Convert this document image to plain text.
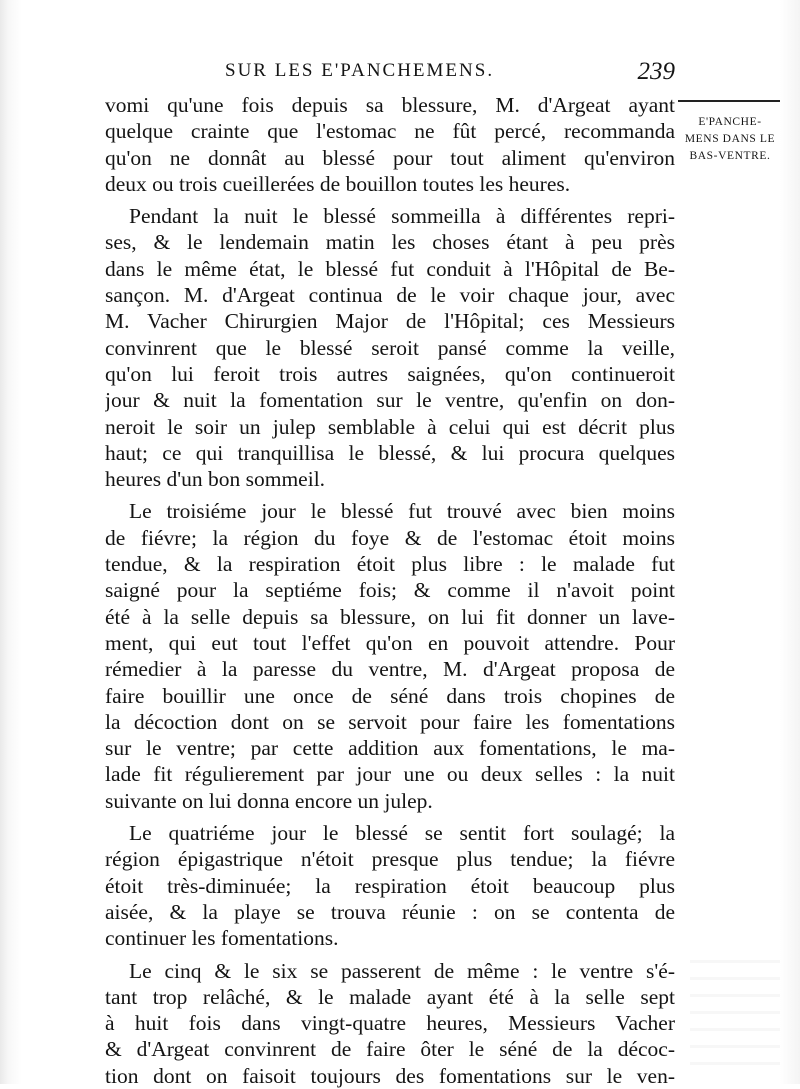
SUR LES E'PANCHEMENS.	239
E'PANCHE-
MENS DANS LE
BAS-VENTRE.
vomi qu'une fois depuis sa blessure, M. d'Argeat ayant
quelque crainte que l'estomac ne fût percé, recommanda
qu'on ne donnât au blessé pour tout aliment qu'environ
deux ou trois cueillerées de bouillon toutes les heures.
Pendant la nuit le blessé sommeilla à différentes repri-
ses, & le lendemain matin les choses étant à peu près
dans le même état, le blessé fut conduit à l'Hôpital de Be-
sançon. M. d'Argeat continua de le voir chaque jour, avec
M. Vacher Chirurgien Major de l'Hôpital; ces Messieurs
convinrent que le blessé seroit pansé comme la veille,
qu'on lui feroit trois autres saignées, qu'on continueroit
jour & nuit la fomentation sur le ventre, qu'enfin on don-
neroit le soir un julep semblable à celui qui est décrit plus
haut; ce qui tranquillisa le blessé, & lui procura quelques
heures d'un bon sommeil.
Le troisiéme jour le blessé fut trouvé avec bien moins
de fiévre; la région du foye & de l'estomac étoit moins
tendue, & la respiration étoit plus libre : le malade fut
saigné pour la septiéme fois; & comme il n'avoit point
été à la selle depuis sa blessure, on lui fit donner un lave-
ment, qui eut tout l'effet qu'on en pouvoit attendre. Pour
rémedier à la paresse du ventre, M. d'Argeat proposa de
faire bouillir une once de séné dans trois chopines de
la décoction dont on se servoit pour faire les fomentations
sur le ventre; par cette addition aux fomentations, le ma-
lade fit régulierement par jour une ou deux selles : la nuit
suivante on lui donna encore un julep.
Le quatriéme jour le blessé se sentit fort soulagé; la
région épigastrique n'étoit presque plus tendue; la fiévre
étoit très-diminuée; la respiration étoit beaucoup plus
aisée, & la playe se trouva réunie : on se contenta de
continuer les fomentations.
Le cinq & le six se passerent de même : le ventre s'é-
tant trop relâché, & le malade ayant été à la selle sept
à huit fois dans vingt-quatre heures, Messieurs Vacher
& d'Argeat convinrent de faire ôter le séné de la décoc-
tion dont on faisoit toujours des fomentations sur le ven-
